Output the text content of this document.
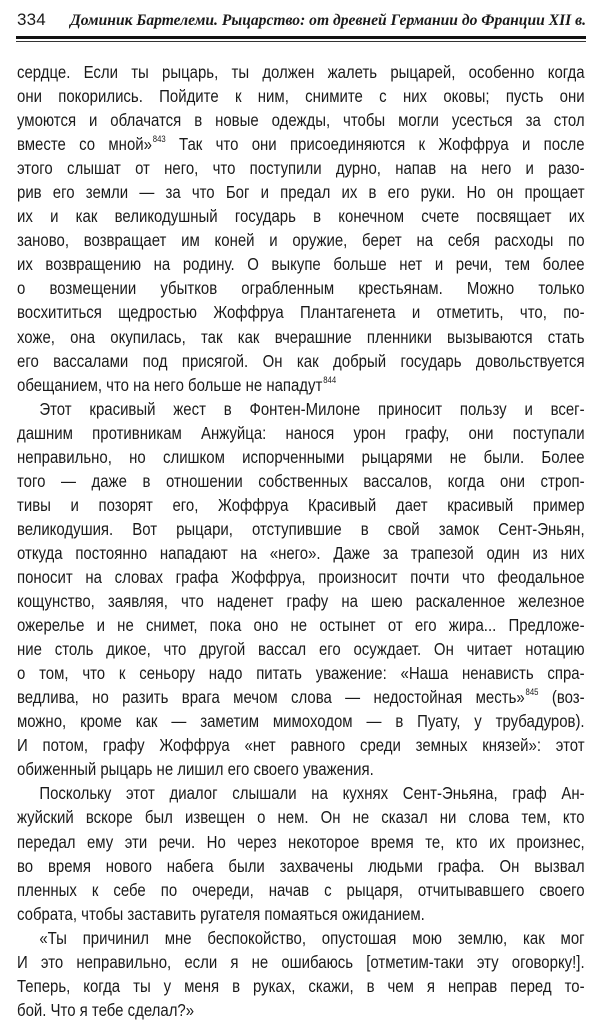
334 Доминик Бартелеми. Рыцарство: от древней Германии до Франции XII в.
сердце. Если ты рыцарь, ты должен жалеть рыцарей, особенно когда
они покорились. Пойдите к ним, снимите с них оковы; пусть они
умоются и облачатся в новые одежды, чтобы могли усесться за стол
вместе со мной»$^{843}$ Так что они присоединяются к Жоффруа и после
этого слышат от него, что поступили дурно, напав на него и разо-
рив его земли — за что Бог и предал их в его руки. Но он прощает
их и как великодушный государь в конечном счете посвящает их
заново, возвращает им коней и оружие, берет на себя расходы по
их возвращению на родину. О выкупе больше нет и речи, тем более
о возмещении убытков ограбленным крестьянам. Можно только
восхититься щедростью Жоффруа Плантагенета и отметить, что, по-
хоже, она окупилась, так как вчерашние пленники вызываются стать
его вассалами под присягой. Он как добрый государь довольствуется
обещанием, что на него больше не нападут$^{844}$
Этот красивый жест в Фонтен-Милоне приносит пользу и всег-
дашним противникам Анжуйца: нанося урон графу, они поступали
неправильно, но слишком испорченными рыцарями не были. Более
того — даже в отношении собственных вассалов, когда они строп-
тивы и позорят его, Жоффруа Красивый дает красивый пример
великодушия. Вот рыцари, отступившие в свой замок Сент-Эньян,
откуда постоянно нападают на «него». Даже за трапезой один из них
поносит на словах графа Жоффруа, произносит почти что феодальное
кощунство, заявляя, что наденет графу на шею раскаленное железное
ожерелье и не снимет, пока оно не остынет от его жира... Предложе-
ние столь дикое, что другой вассал его осуждает. Он читает нотацию
о том, что к сеньору надо питать уважение: «Наша ненависть спра-
ведлива, но разить врага мечом слова — недостойная месть»$^{845}$ (воз-
можно, кроме как — заметим мимоходом — в Пуату, у трубадуров).
И потом, графу Жоффруа «нет равного среди земных князей»: этот
обиженный рыцарь не лишил его своего уважения.
Поскольку этот диалог слышали на кухнях Сент-Эньяна, граф Ан-
жуйский вскоре был извещен о нем. Он не сказал ни слова тем, кто
передал ему эти речи. Но через некоторое время те, кто их произнес,
во время нового набега были захвачены людьми графа. Он вызвал
пленных к себе по очереди, начав с рыцаря, отчитывавшего своего
собрата, чтобы заставить ругателя помаяться ожиданием.
«Ты причинил мне беспокойство, опустошая мою землю, как мог
И это неправильно, если я не ошибаюсь [отметим-таки эту оговорку!].
Теперь, когда ты у меня в руках, скажи, в чем я неправ перед то-
бой. Что я тебе сделал?»
